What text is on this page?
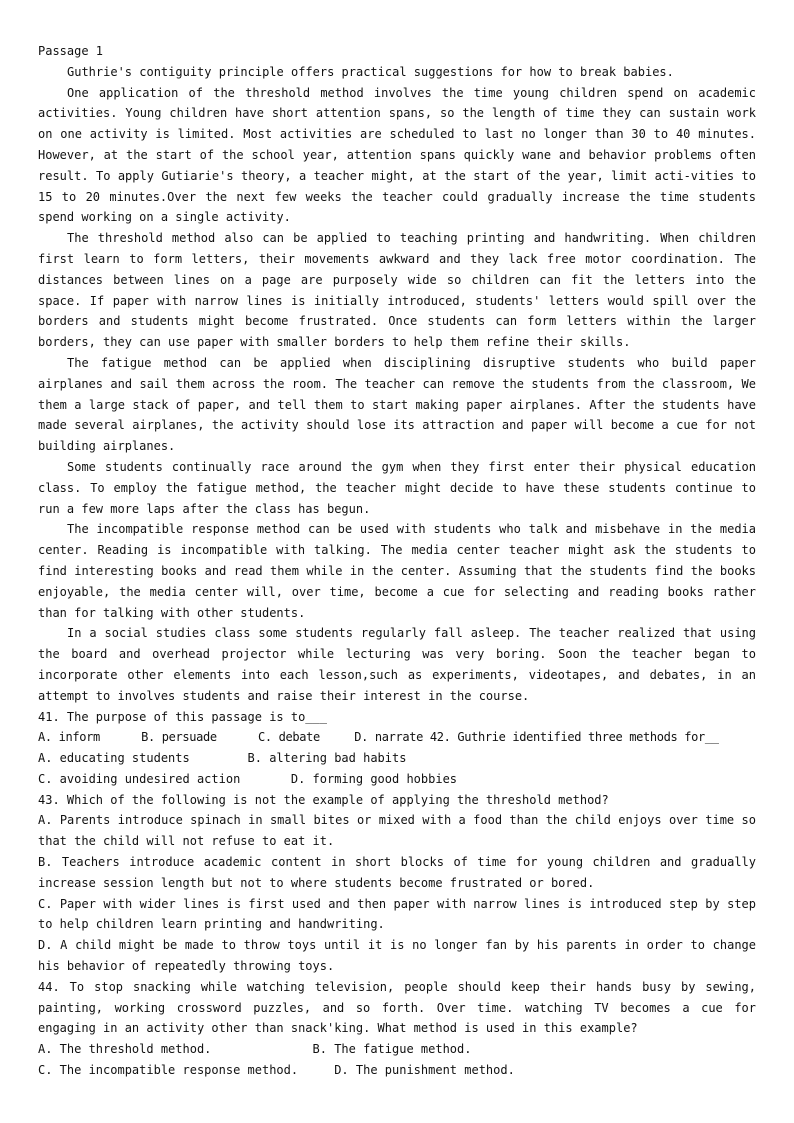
Passage 1

Guthrie's contiguity principle offers practical suggestions for how to break babies.

One application of the threshold method involves the time young children spend on academic activities. Young children have short attention spans, so the length of time they can sustain work on one activity is limited. Most activities are scheduled to last no longer than 30 to 40 minutes. However, at the start of the school year, attention spans quickly wane and behavior problems often result. To apply Gutiarie's theory, a teacher might, at the start of the year, limit acti-vities to 15 to 20 minutes.Over the next few weeks the teacher could gradually increase the time students spend working on a single activity.

The threshold method also can be applied to teaching printing and handwriting. When children first learn to form letters, their movements awkward and they lack free motor coordination. The distances between lines on a page are purposely wide so children can fit the letters into the space. If paper with narrow lines is initially introduced, students' letters would spill over the borders and students might become frustrated. Once students can form letters within the larger borders, they can use paper with smaller borders to help them refine their skills.

The fatigue method can be applied when disciplining disruptive students who build paper airplanes and sail them across the room. The teacher can remove the students from the classroom, We them a large stack of paper, and tell them to start making paper airplanes. After the students have made several airplanes, the activity should lose its attraction and paper will become a cue for not building airplanes.

Some students continually race around the gym when they first enter their physical education class. To employ the fatigue method, the teacher might decide to have these students continue to run a few more laps after the class has begun.

The incompatible response method can be used with students who talk and misbehave in the media center. Reading is incompatible with talking. The media center teacher might ask the students to find interesting books and read them while in the center. Assuming that the students find the books enjoyable, the media center will, over time, become a cue for selecting and reading books rather than for talking with other students.

In a social studies class some students regularly fall asleep. The teacher realized that using the board and overhead projector while lecturing was very boring. Soon the teacher began to incorporate other elements into each lesson,such as experiments, videotapes, and debates, in an attempt to involves students and raise their interest in the course.

41. The purpose of this passage is to___

A. inform      B. persuade      C. debate     D. narrate 42. Guthrie identified three methods for__

A. educating students        B. altering bad habits

C. avoiding undesired action       D. forming good hobbies

43. Which of the following is not the example of applying the threshold method?

A. Parents introduce spinach in small bites or mixed with a food than the child enjoys over time so that the child will not refuse to eat it.

B. Teachers introduce academic content in short blocks of time for young children and gradually increase session length but not to where students become frustrated or bored.

C. Paper with wider lines is first used and then paper with narrow lines is introduced step by step to help children learn printing and handwriting.

D. A child might be made to throw toys until it is no longer fan by his parents in order to change his behavior of repeatedly throwing toys.

44. To stop snacking while watching television, people should keep their hands busy by sewing, painting, working crossword puzzles, and so forth. Over time. watching TV becomes a cue for engaging in an activity other than snack'king. What method is used in this example?

A. The threshold method.              B. The fatigue method.

C. The incompatible response method.     D. The punishment method.
